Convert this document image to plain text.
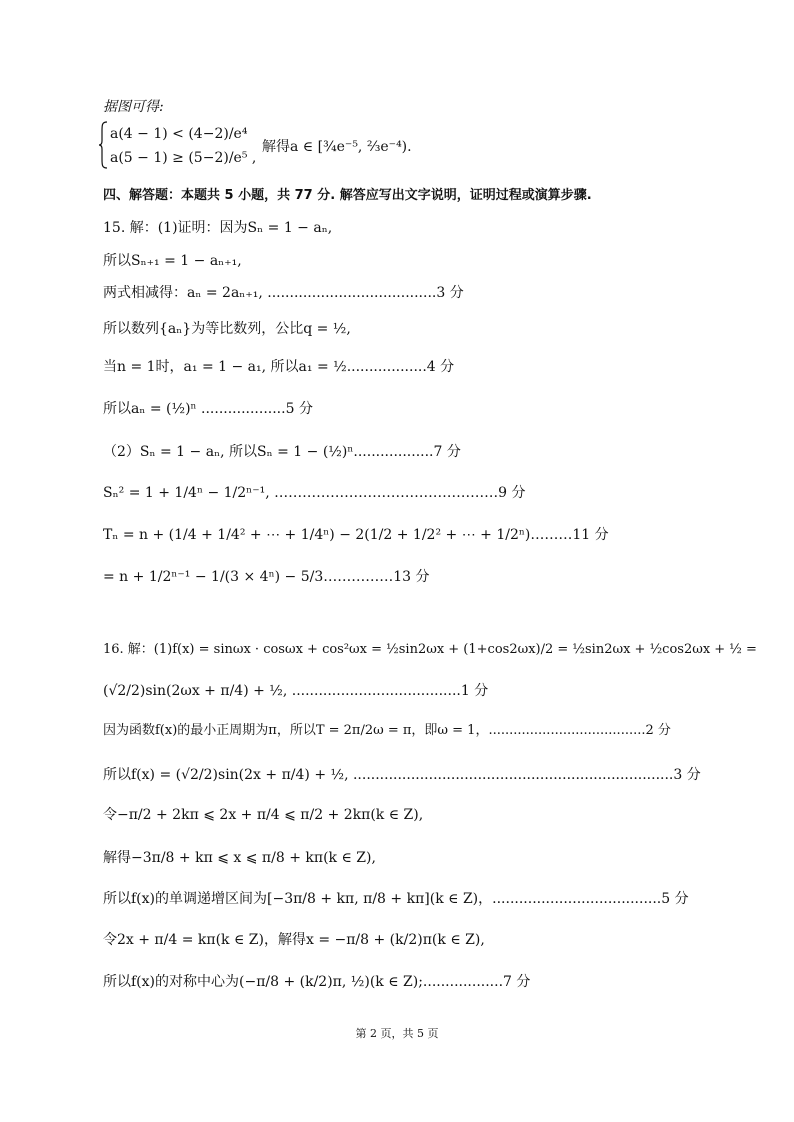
据图可得:
a(4 − 1) < (4−2)/e⁴
a(5 − 1) ≥ (5−2)/e⁵ ,
解得a ∈ [¾e⁻⁵, ⅔e⁻⁴).
四、解答题：本题共 5 小题，共 77 分. 解答应写出文字说明，证明过程或演算步骤.
15. 解：(1)证明：因为Sₙ = 1 − aₙ,
所以Sₙ₊₁ = 1 − aₙ₊₁,
两式相减得：aₙ = 2aₙ₊₁, ......................................3 分
所以数列{aₙ}为等比数列，公比q = ½,
当n = 1时，a₁ = 1 − a₁, 所以a₁ = ½..................4 分
所以aₙ = (½)ⁿ ...................5 分
（2）Sₙ = 1 − aₙ, 所以Sₙ = 1 − (½)ⁿ..................7 分
Sₙ² = 1 + 1/4ⁿ − 1/2ⁿ⁻¹, …………………………………………9 分
Tₙ = n + (1/4 + 1/4² + ⋯ + 1/4ⁿ) − 2(1/2 + 1/2² + ⋯ + 1/2ⁿ)………11 分
= n + 1/2ⁿ⁻¹ − 1/(3 × 4ⁿ) − 5/3……………13 分
16. 解：(1)f(x) = sinωx · cosωx + cos²ωx = ½sin2ωx + (1+cos2ωx)/2 = ½sin2ωx + ½cos2ωx + ½ =
(√2/2)sin(2ωx + π/4) + ½, ......................................1 分
因为函数f(x)的最小正周期为π，所以T = 2π/2ω = π，即ω = 1，......................................2 分
所以f(x) = (√2/2)sin(2x + π/4) + ½, ........................................................................3 分
令−π/2 + 2kπ ⩽ 2x + π/4 ⩽ π/2 + 2kπ(k ∈ Z),
解得−3π/8 + kπ ⩽ x ⩽ π/8 + kπ(k ∈ Z),
所以f(x)的单调递增区间为[−3π/8 + kπ, π/8 + kπ](k ∈ Z)，......................................5 分
令2x + π/4 = kπ(k ∈ Z)，解得x = −π/8 + (k/2)π(k ∈ Z),
所以f(x)的对称中心为(−π/8 + (k/2)π, ½)(k ∈ Z);..................7 分
第 2 页，共 5 页
